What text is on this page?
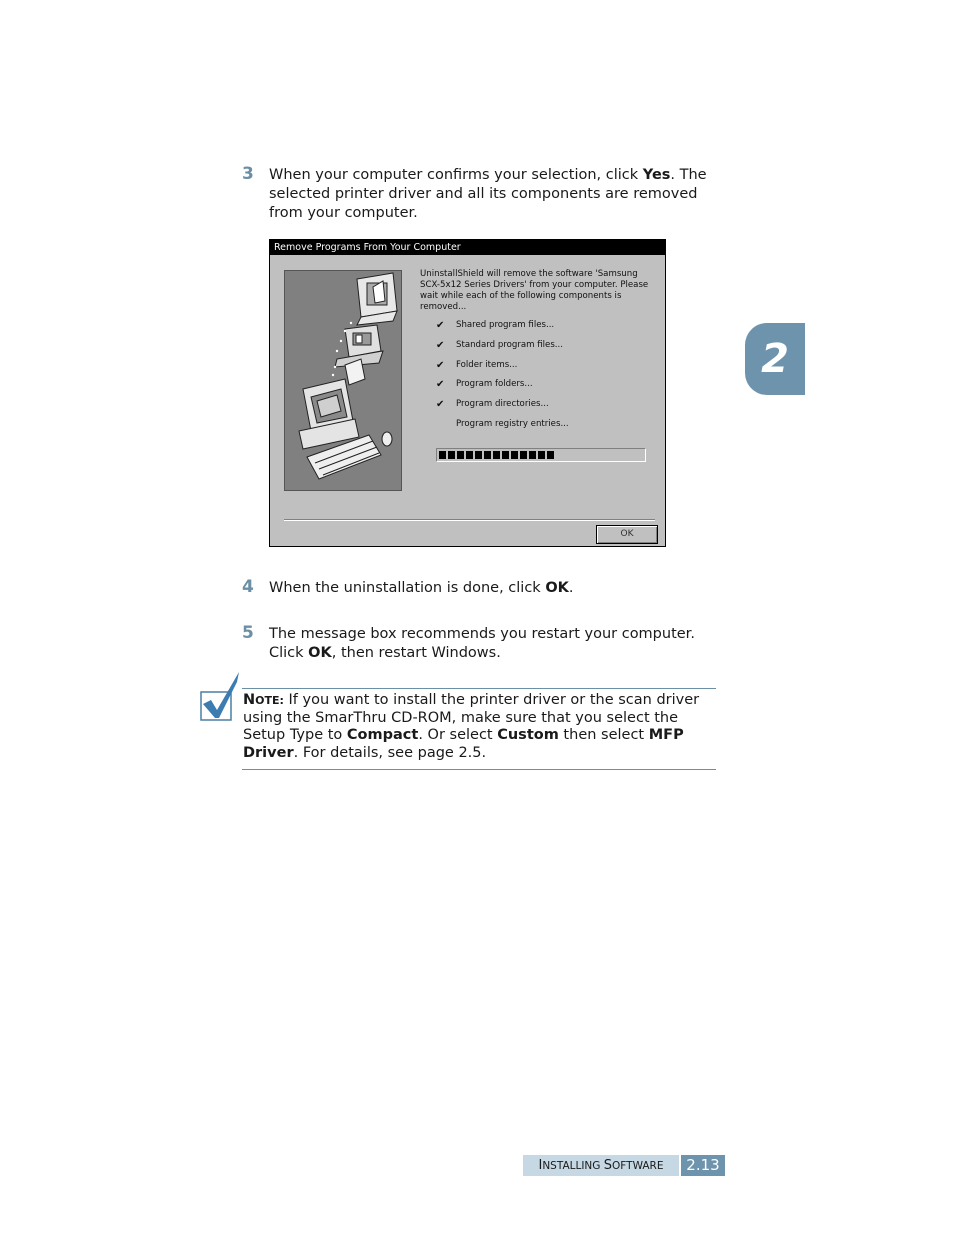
3 When your computer confirms your selection, click Yes. The selected printer driver and all its components are removed from your computer.
Remove Programs From Your Computer
UninstallShield will remove the software 'Samsung SCX-5x12 Series Drivers' from your computer. Please wait while each of the following components is removed...
✔	Shared program files...
✔	Standard program files...
✔	Folder items...
✔	Program folders...
✔	Program directories...
Program registry entries...
OK
4 When the uninstallation is done, click OK.
5 The message box recommends you restart your computer. Click OK, then restart Windows.
2
NOTE: If you want to install the printer driver or the scan driver using the SmarThru CD-ROM, make sure that you select the Setup Type to Compact. Or select Custom then select MFP Driver. For details, see page 2.5.
INSTALLING SOFTWARE	2.13
